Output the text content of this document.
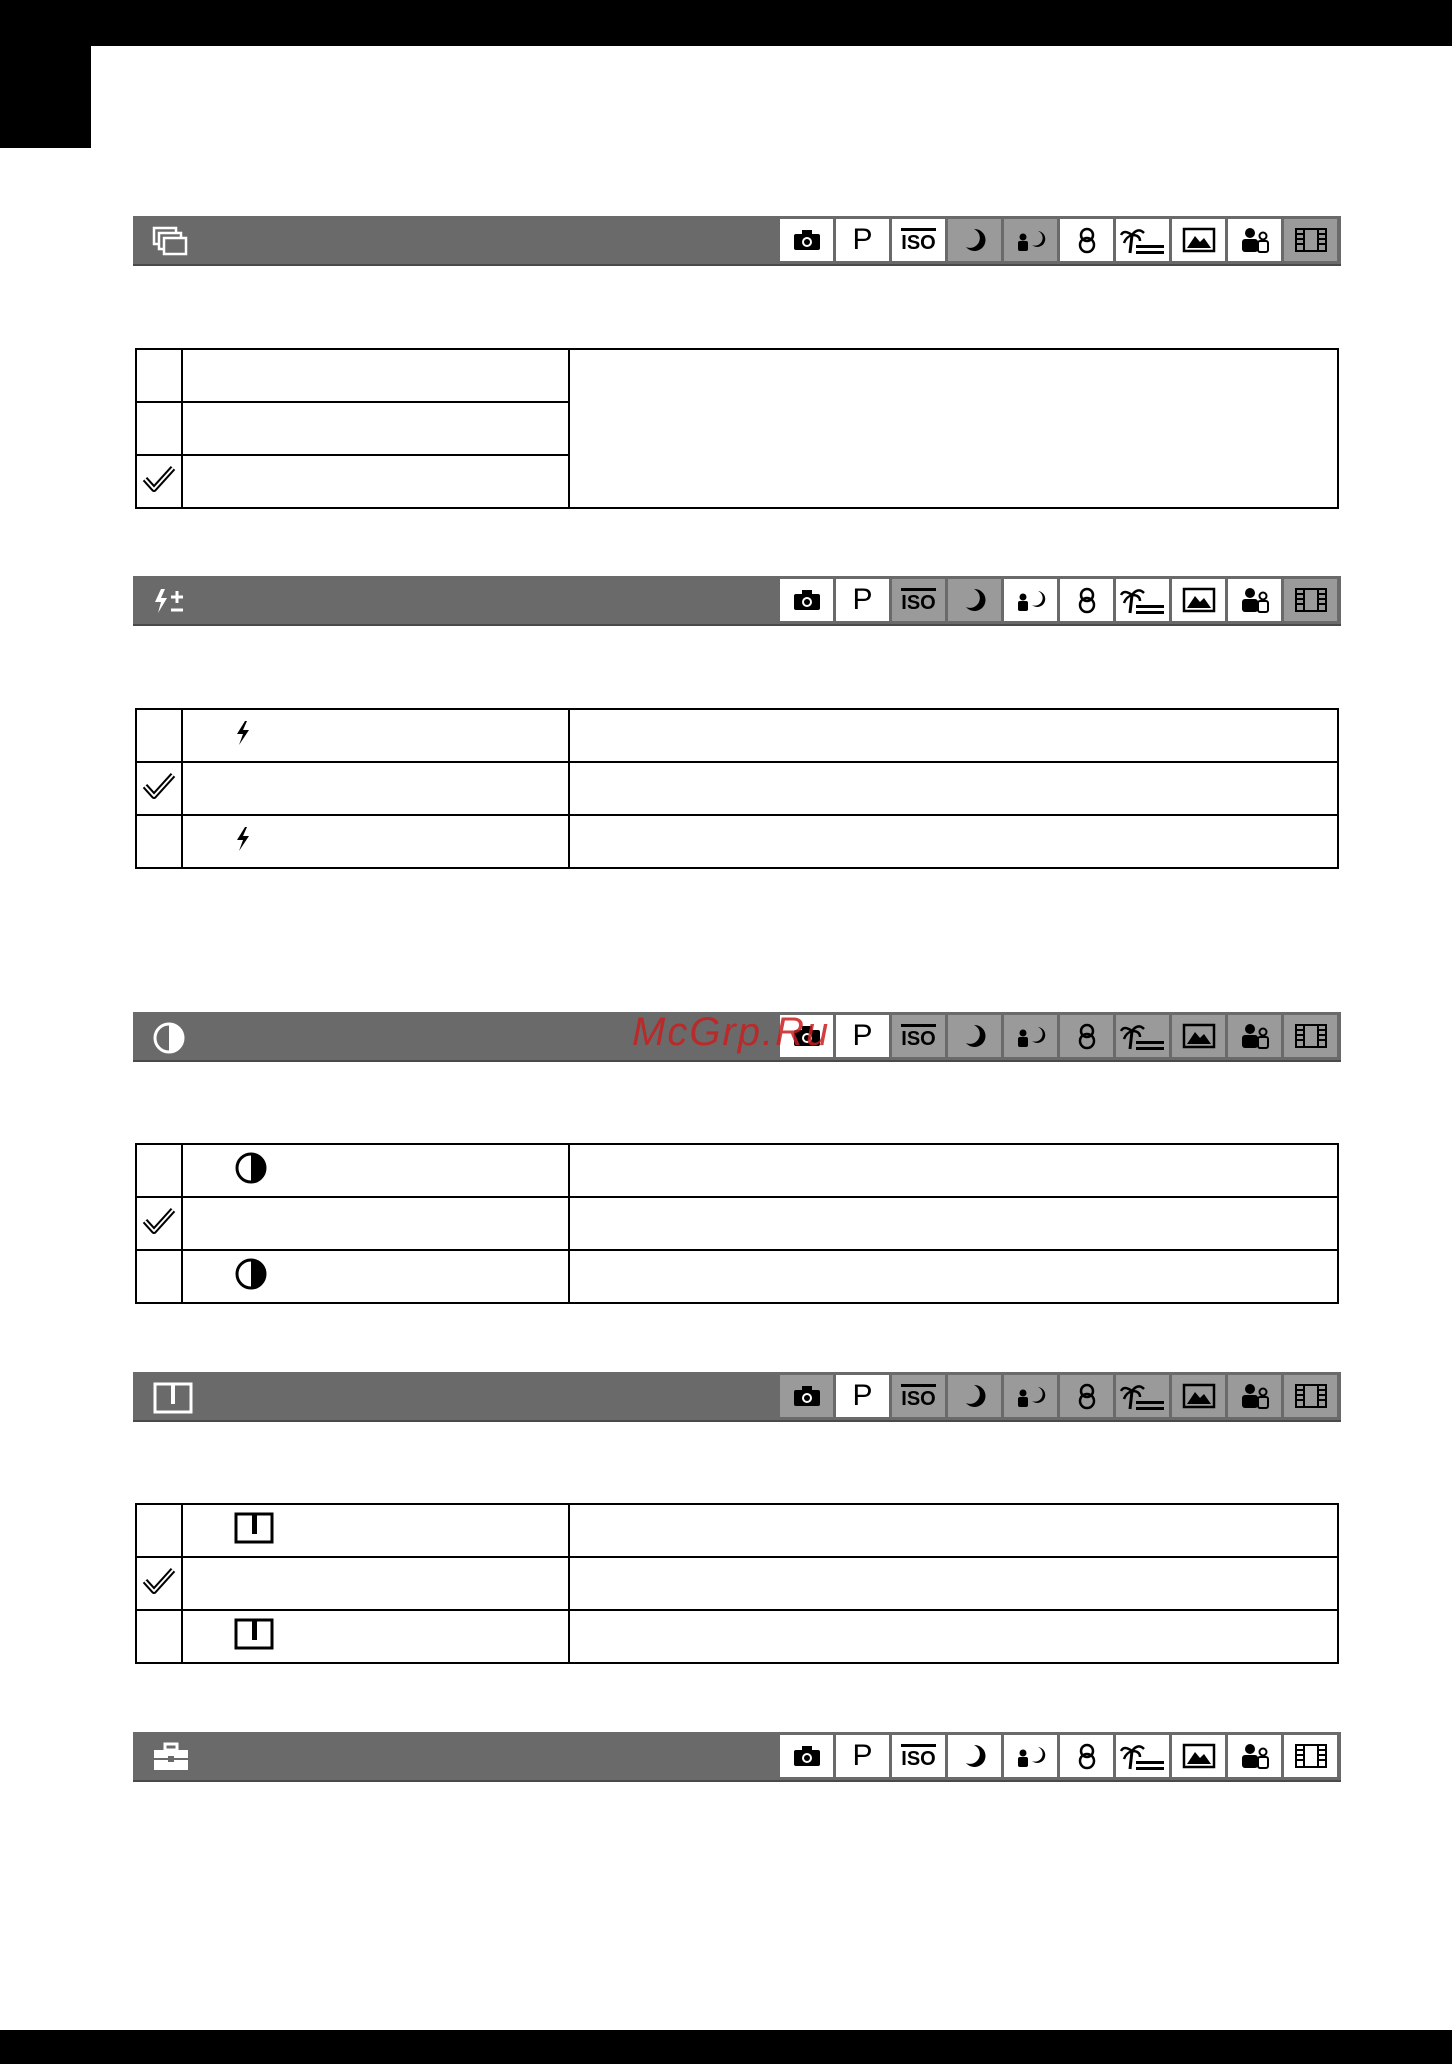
P ISO

P ISO

P ISO

P ISO

P ISO
McGrp.Ru
